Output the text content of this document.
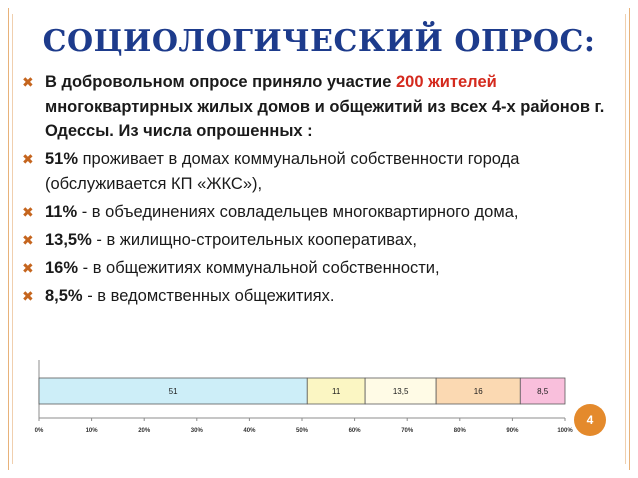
СОЦИОЛОГИЧЕСКИЙ ОПРОС:
✖ В добровольном опросе приняло участие 200 жителей многоквартирных жилых домов и общежитий из всех 4-х районов г. Одессы. Из числа опрошенных :
✖ 51% проживает в домах коммунальной собственности города (обслуживается КП «ЖКС»),
✖ 11% - в объединениях совладельцев многоквартирного дома,
✖ 13,5% - в жилищно-строительных кооперативах,
✖ 16% - в общежитиях коммунальной собственности,
✖ 8,5% - в ведомственных общежитиях.
51	11	13,5	16	8,5
0%	10%	20%	30%	40%	50%	60%	70%	80%	90%	100%
4
